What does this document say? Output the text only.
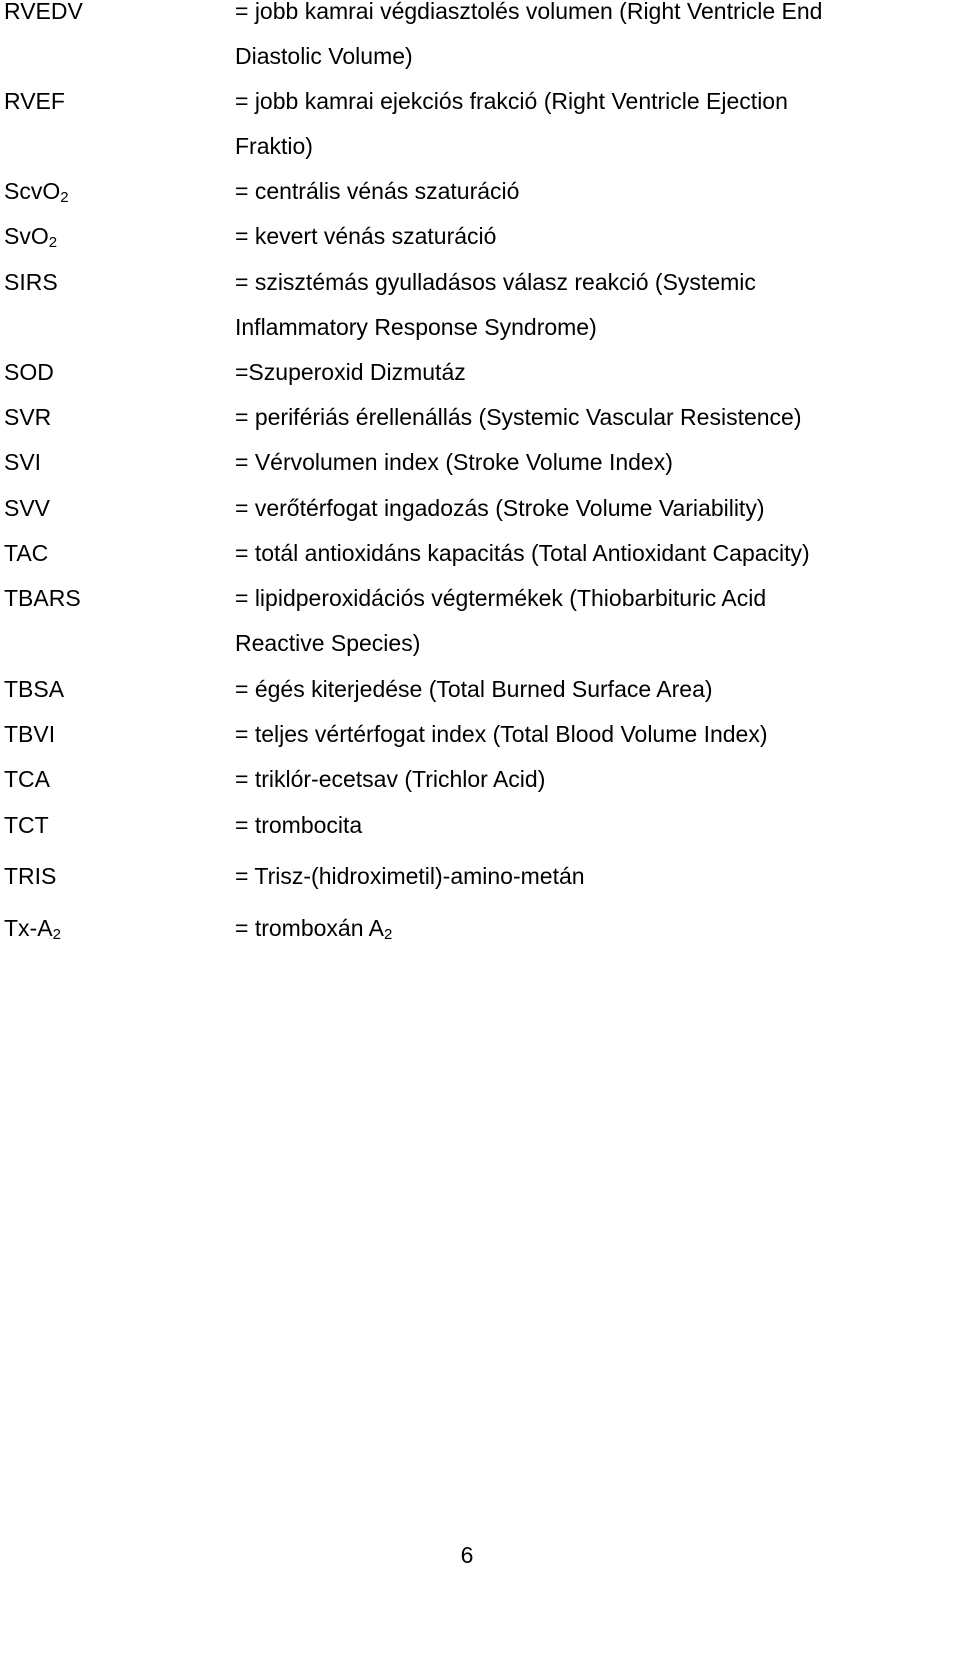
RVEDV	= jobb kamrai végdiasztolés volumen (Right Ventricle End
Diastolic Volume)
RVEF	= jobb kamrai ejekciós frakció (Right Ventricle Ejection
Fraktio)
ScvO$_2$	= centrális vénás szaturáció
SvO$_2$	= kevert vénás szaturáció
SIRS	= szisztémás gyulladásos válasz reakció (Systemic
Inflammatory Response Syndrome)
SOD	=Szuperoxid Dizmutáz
SVR	= perifériás érellenállás (Systemic Vascular Resistence)
SVI	= Vérvolumen index (Stroke Volume Index)
SVV	= verőtérfogat ingadozás (Stroke Volume Variability)
TAC	= totál antioxidáns kapacitás (Total Antioxidant Capacity)
TBARS	= lipidperoxidációs végtermékek (Thiobarbituric Acid
Reactive Species)
TBSA	= égés kiterjedése (Total Burned Surface Area)
TBVI	= teljes vértérfogat index (Total Blood Volume Index)
TCA	= triklór-ecetsav (Trichlor Acid)
TCT	= trombocita
TRIS	= Trisz-(hidroximetil)-amino-metán
$Tx-A_2$	= tromboxán $A_2$
6
